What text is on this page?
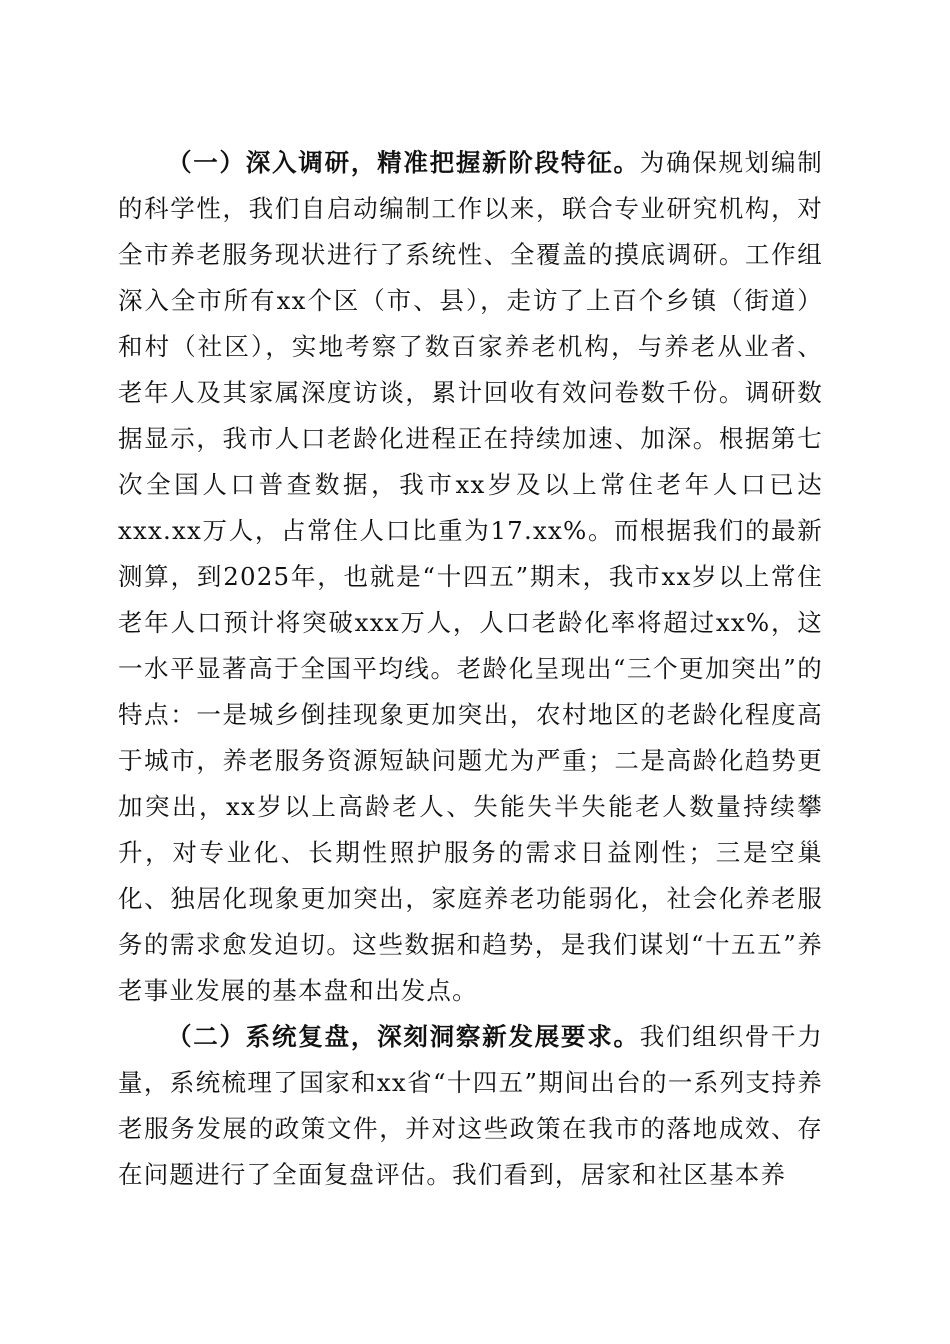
（一）深入调研，精准把握新阶段特征。为确保规划编制的科学性，我们自启动编制工作以来，联合专业研究机构，对全市养老服务现状进行了系统性、全覆盖的摸底调研。工作组深入全市所有xx个区（市、县），走访了上百个乡镇（街道）和村（社区），实地考察了数百家养老机构，与养老从业者、老年人及其家属深度访谈，累计回收有效问卷数千份。调研数据显示，我市人口老龄化进程正在持续加速、加深。根据第七次全国人口普查数据，我市xx岁及以上常住老年人口已达xxx.xx万人，占常住人口比重为17.xx%。而根据我们的最新测算，到2025年，也就是“十四五”期末，我市xx岁以上常住老年人口预计将突破xxx万人，人口老龄化率将超过xx%，这一水平显著高于全国平均线。老龄化呈现出“三个更加突出”的特点：一是城乡倒挂现象更加突出，农村地区的老龄化程度高于城市，养老服务资源短缺问题尤为严重；二是高龄化趋势更加突出，xx岁以上高龄老人、失能失半失能老人数量持续攀升，对专业化、长期性照护服务的需求日益刚性；三是空巢化、独居化现象更加突出，家庭养老功能弱化，社会化养老服务的需求愈发迫切。这些数据和趋势，是我们谋划“十五五”养老事业发展的基本盘和出发点。

（二）系统复盘，深刻洞察新发展要求。我们组织骨干力量，系统梳理了国家和xx省“十四五”期间出台的一系列支持养老服务发展的政策文件，并对这些政策在我市的落地成效、存在问题进行了全面复盘评估。我们看到，居家和社区基本养
